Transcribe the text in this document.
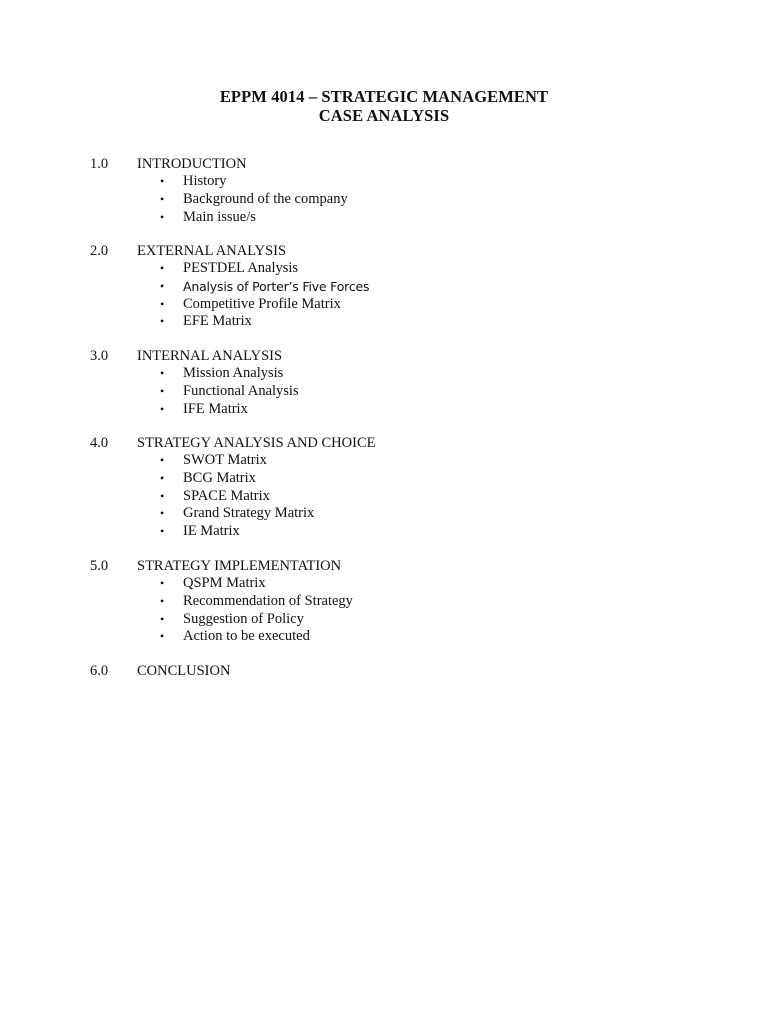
EPPM 4014 – STRATEGIC MANAGEMENT
CASE ANALYSIS
1.0 INTRODUCTION
• History
• Background of the company
• Main issue/s
2.0 EXTERNAL ANALYSIS
• PESTDEL Analysis
• Analysis of Porter’s Five Forces
• Competitive Profile Matrix
• EFE Matrix
3.0 INTERNAL ANALYSIS
• Mission Analysis
• Functional Analysis
• IFE Matrix
4.0 STRATEGY ANALYSIS AND CHOICE
• SWOT Matrix
• BCG Matrix
• SPACE Matrix
• Grand Strategy Matrix
• IE Matrix
5.0 STRATEGY IMPLEMENTATION
• QSPM Matrix
• Recommendation of Strategy
• Suggestion of Policy
• Action to be executed
6.0 CONCLUSION
